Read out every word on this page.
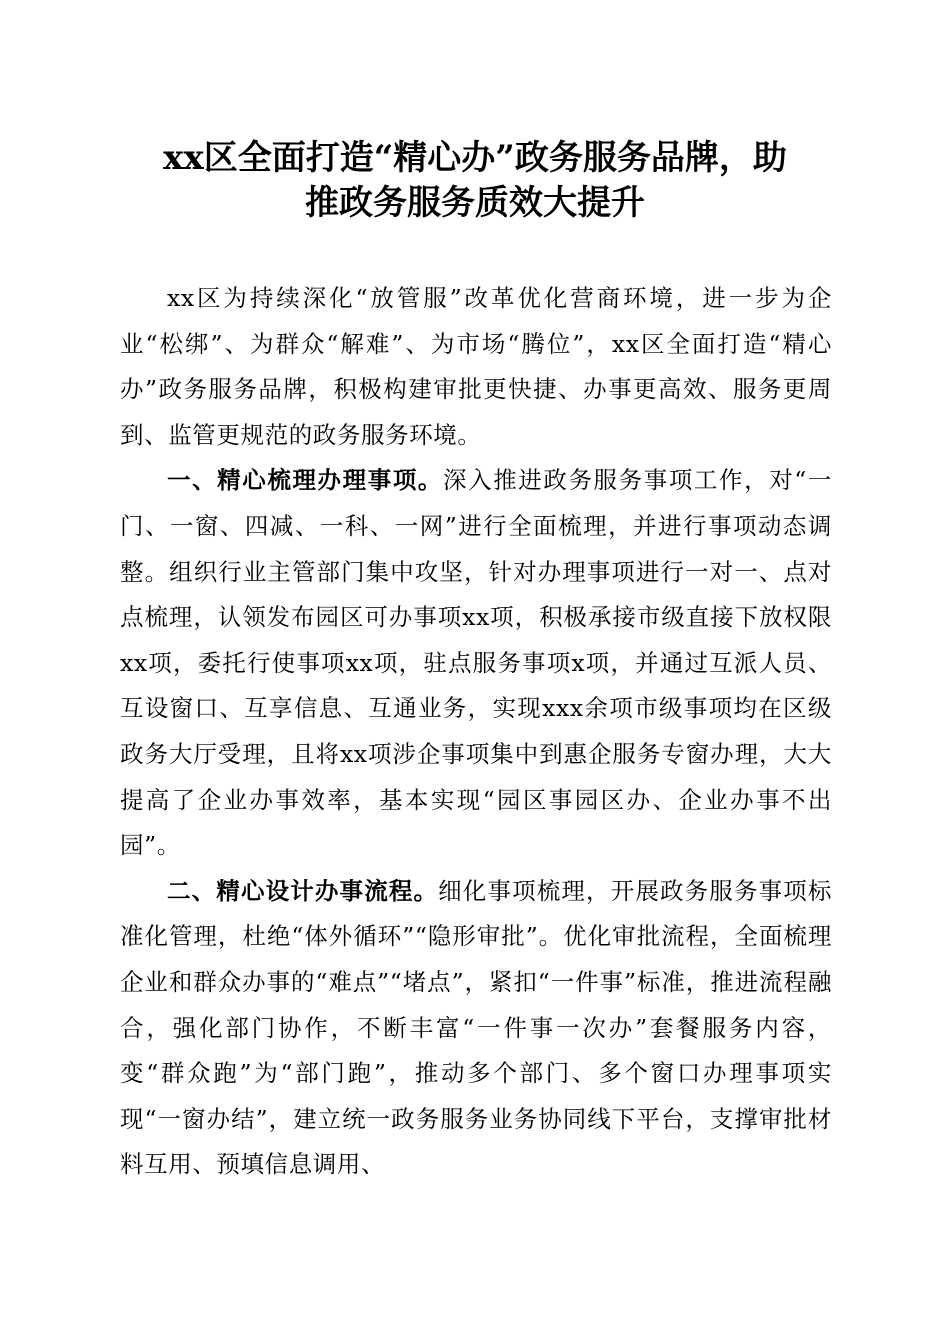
xx区全面打造“精心办”政务服务品牌，助
推政务服务质效大提升

xx区为持续深化“放管服”改革优化营商环境，进一步为企业“松绑”、为群众“解难”、为市场“腾位”，xx区全面打造“精心办”政务服务品牌，积极构建审批更快捷、办事更高效、服务更周到、监管更规范的政务服务环境。

一、精心梳理办理事项。深入推进政务服务事项工作，对“一门、一窗、四减、一科、一网”进行全面梳理，并进行事项动态调整。组织行业主管部门集中攻坚，针对办理事项进行一对一、点对点梳理，认领发布园区可办事项xx项，积极承接市级直接下放权限xx项，委托行使事项xx项，驻点服务事项x项，并通过互派人员、互设窗口、互享信息、互通业务，实现xxx余项市级事项均在区级政务大厅受理，且将xx项涉企事项集中到惠企服务专窗办理，大大提高了企业办事效率，基本实现“园区事园区办、企业办事不出园”。

二、精心设计办事流程。细化事项梳理，开展政务服务事项标准化管理，杜绝“体外循环”“隐形审批”。优化审批流程，全面梳理企业和群众办事的“难点”“堵点”，紧扣“一件事”标准，推进流程融合，强化部门协作，不断丰富“一件事一次办”套餐服务内容，变“群众跑”为“部门跑”，推动多个部门、多个窗口办理事项实现“一窗办结”，建立统一政务服务业务协同线下平台，支撑审批材料互用、预填信息调用、
